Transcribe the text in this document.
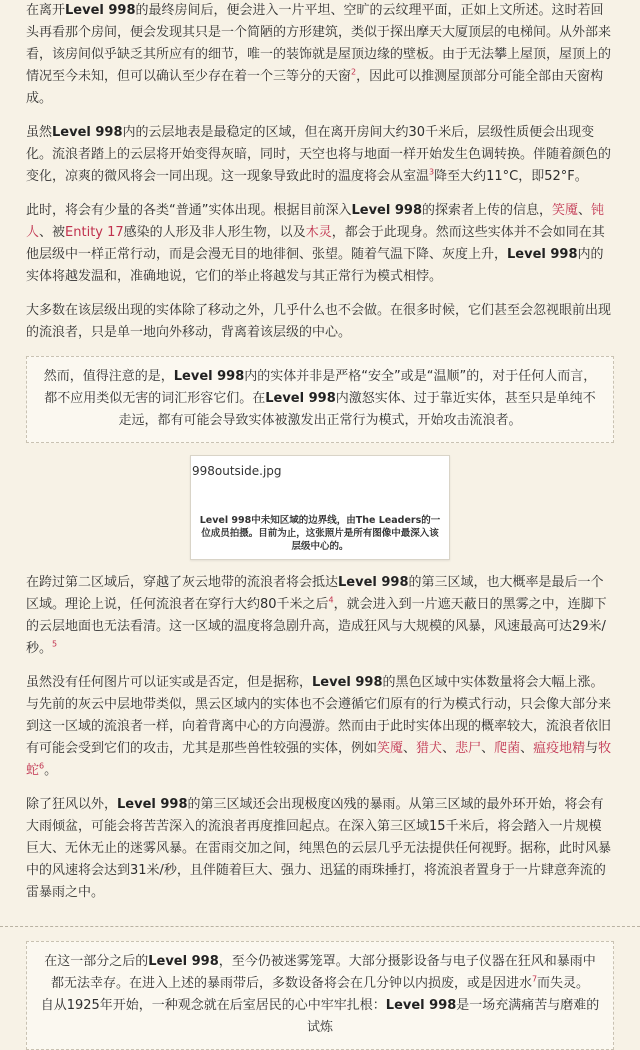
在离开Level 998的最终房间后，便会进入一片平坦、空旷的云纹理平面，正如上文所述。这时若回头再看那个房间，便会发现其只是一个简陋的方形建筑，类似于探出摩天大厦顶层的电梯间。从外部来看，该房间似乎缺乏其所应有的细节，唯一的装饰就是屋顶边缘的壁板。由于无法攀上屋顶，屋顶上的情况至今未知，但可以确认至少存在着一个三等分的天窗$^2$，因此可以推测屋顶部分可能全部由天窗构成。

虽然Level 998内的云层地表是最稳定的区域，但在离开房间大约30千米后，层级性质便会出现变化。流浪者踏上的云层将开始变得灰暗，同时，天空也将与地面一样开始发生色调转换。伴随着颜色的变化，凉爽的微风将会一同出现。这一现象导致此时的温度将会从室温$^3$降至大约11°C，即52°F。

此时，将会有少量的各类“普通”实体出现。根据目前深入Level 998的探索者上传的信息，笑魇、钝人、被Entity 17感染的人形及非人形生物，以及木灵，都会于此现身。然而这些实体并不会如同在其他层级中一样正常行动，而是会漫无目的地徘徊、张望。随着气温下降、灰度上升，Level 998内的实体将越发温和，准确地说，它们的举止将越发与其正常行为模式相悖。

大多数在该层级出现的实体除了移动之外，几乎什么也不会做。在很多时候，它们甚至会忽视眼前出现的流浪者，只是单一地向外移动，背离着该层级的中心。

然而，值得注意的是，Level 998内的实体并非是严格“安全”或是“温顺”的，对于任何人而言，都不应用类似无害的词汇形容它们。在Level 998内激怒实体、过于靠近实体，甚至只是单纯不走远，都有可能会导致实体被激发出正常行为模式，开始攻击流浪者。

998outside.jpg
Level 998中未知区域的边界线，由The Leaders的一位成员拍摄。目前为止，这张照片是所有图像中最深入该层级中心的。

在跨过第二区域后，穿越了灰云地带的流浪者将会抵达Level 998的第三区域，也大概率是最后一个区域。理论上说，任何流浪者在穿行大约80千米之后$^4$，就会进入到一片遮天蔽日的黑雾之中，连脚下的云层地面也无法看清。这一区域的温度将急剧升高，造成狂风与大规模的风暴，风速最高可达29米/秒。$^5$

虽然没有任何图片可以证实或是否定，但是据称，Level 998的黑色区域中实体数量将会大幅上涨。与先前的灰云中层地带类似，黑云区域内的实体也不会遵循它们原有的行为模式行动，只会像大部分来到这一区域的流浪者一样，向着背离中心的方向漫游。然而由于此时实体出现的概率较大，流浪者依旧有可能会受到它们的攻击，尤其是那些兽性较强的实体，例如笑魇、猎犬、悲尸、爬菌、瘟疫地精与牧蛇$^6$。

除了狂风以外，Level 998的第三区域还会出现极度凶残的暴雨。从第三区域的最外环开始，将会有大雨倾盆，可能会将苦苦深入的流浪者再度推回起点。在深入第三区域15千米后，将会踏入一片规模巨大、无休无止的迷雾风暴。在雷雨交加之间，纯黑色的云层几乎无法提供任何视野。据称，此时风暴中的风速将会达到31米/秒，且伴随着巨大、强力、迅猛的雨珠捶打，将流浪者置身于一片肆意奔流的雷暴雨之中。

在这一部分之后的Level 998，至今仍被迷雾笼罩。大部分摄影设备与电子仪器在狂风和暴雨中都无法幸存。在进入上述的暴雨带后，多数设备将会在几分钟以内损废，或是因进水$^7$而失灵。

自从1925年开始，一种观念就在后室居民的心中牢牢扎根：Level 998是一场充满痛苦与磨难的试炼
